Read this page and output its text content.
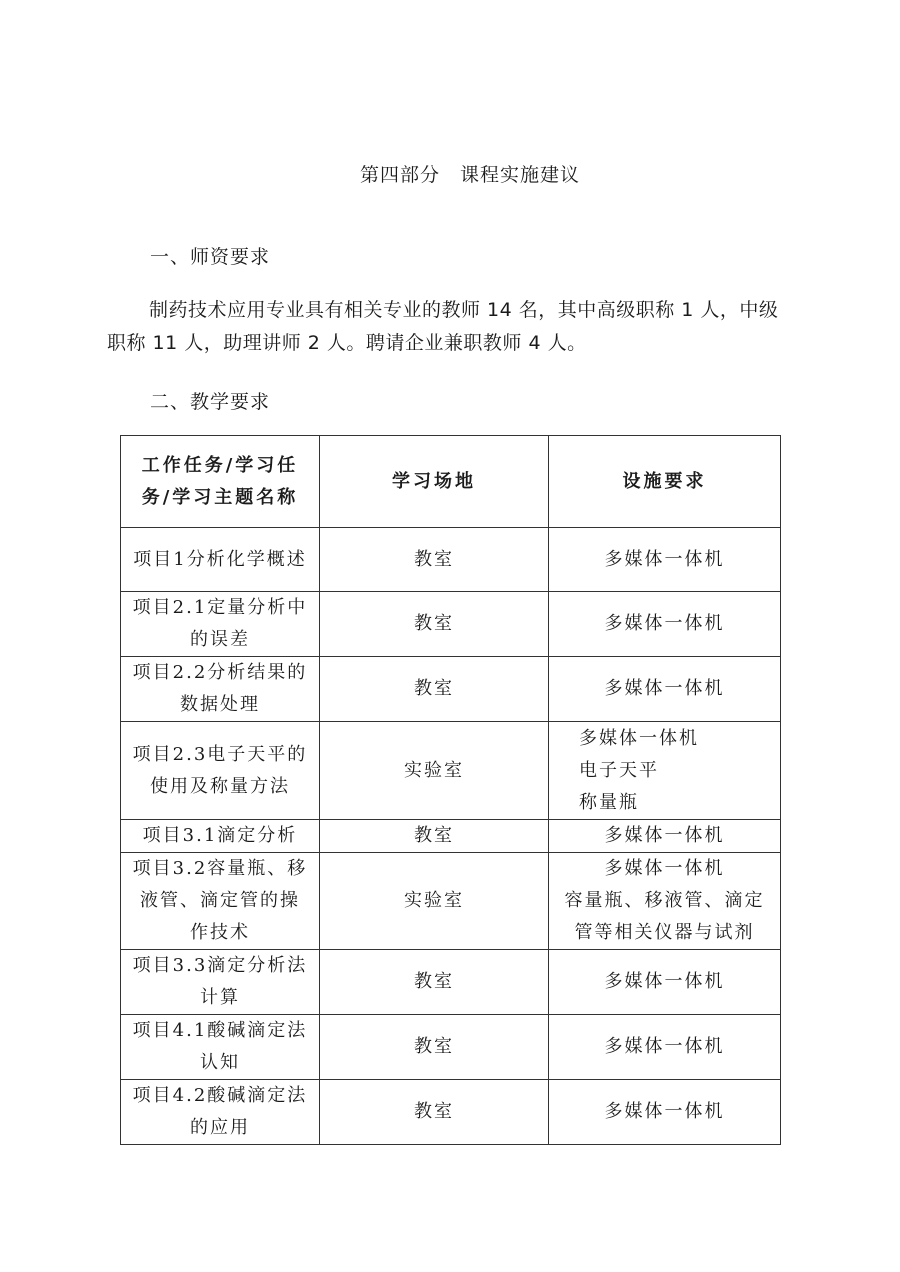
第四部分　课程实施建议
一、师资要求
制药技术应用专业具有相关专业的教师 14 名，其中高级职称 1 人，中级职称 11 人，助理讲师 2 人。聘请企业兼职教师 4 人。
二、教学要求
工作任务/学习任务/学习主题名称	学习场地	设施要求
项目1分析化学概述	教室	多媒体一体机
项目2.1定量分析中的误差	教室	多媒体一体机
项目2.2分析结果的数据处理	教室	多媒体一体机
项目2.3电子天平的使用及称量方法	实验室	多媒体一体机
电子天平
称量瓶

项目3.1滴定分析	教室	多媒体一体机
项目3.2容量瓶、移液管、滴定管的操作技术	实验室	多媒体一体机
容量瓶、移液管、滴定管等相关仪器与试剂

项目3.3滴定分析法计算	教室	多媒体一体机
项目4.1酸碱滴定法认知	教室	多媒体一体机
项目4.2酸碱滴定法的应用	教室	多媒体一体机
